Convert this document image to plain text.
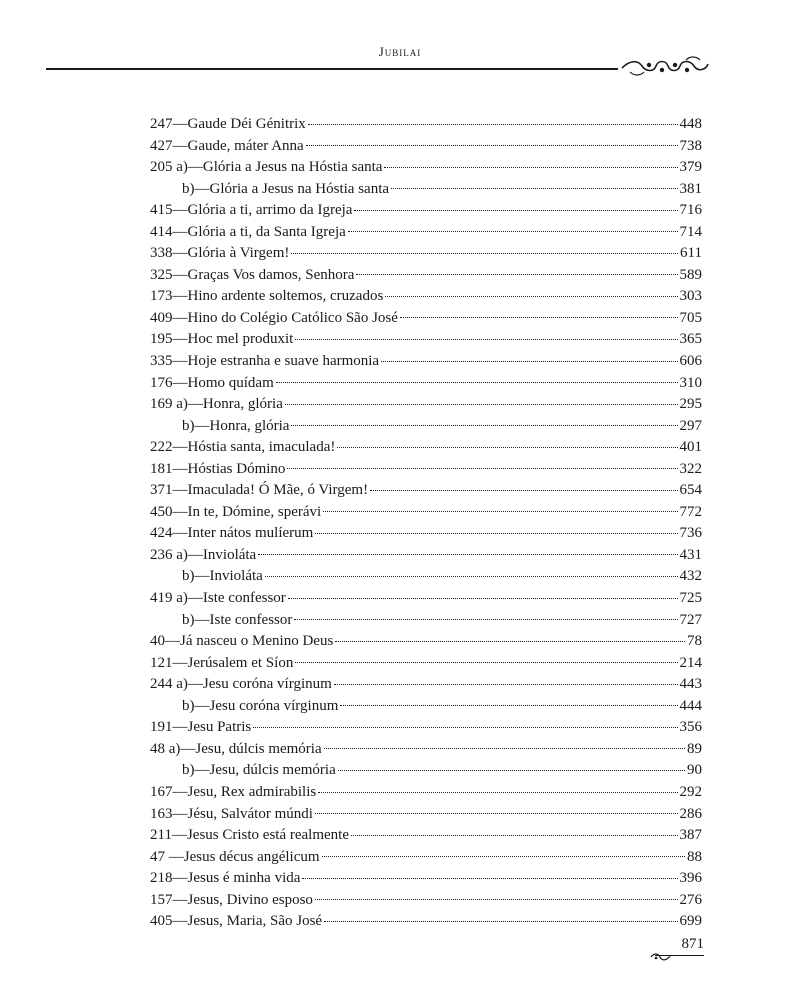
Jubilai
247—Gaude Déi Génitrix	448
427—Gaude, máter Anna	738
205 a)—Glória a Jesus na Hóstia santa	379
b)—Glória a Jesus na Hóstia santa	381
415—Glória a ti, arrimo da Igreja	716
414—Glória a ti, da Santa Igreja	714
338—Glória à Virgem!	611
325—Graças Vos damos, Senhora	589
173—Hino ardente soltemos, cruzados	303
409—Hino do Colégio Católico São José	705
195—Hoc mel produxit	365
335—Hoje estranha e suave harmonia	606
176—Homo quídam	310
169 a)—Honra, glória	295
b)—Honra, glória	297
222—Hóstia santa, imaculada!	401
181—Hóstias Dómino	322
371—Imaculada! Ó Mãe, ó Virgem!	654
450—In te, Dómine, sperávi	772
424—Inter nátos mulíerum	736
236 a)—Invioláta	431
b)—Invioláta	432
419 a)—Iste confessor	725
b)—Iste confessor	727
40—Já nasceu o Menino Deus	78
121—Jerúsalem et Síon	214
244 a)—Jesu coróna vírginum	443
b)—Jesu coróna vírginum	444
191—Jesu Patris	356
48 a)—Jesu, dúlcis memória	89
b)—Jesu, dúlcis memória	90
167—Jesu, Rex admirabilis	292
163—Jésu, Salvátor múndi	286
211—Jesus Cristo está realmente	387
47 —Jesus décus angélicum	88
218—Jesus é minha vida	396
157—Jesus, Divino esposo	276
405—Jesus, Maria, São José	699
871
